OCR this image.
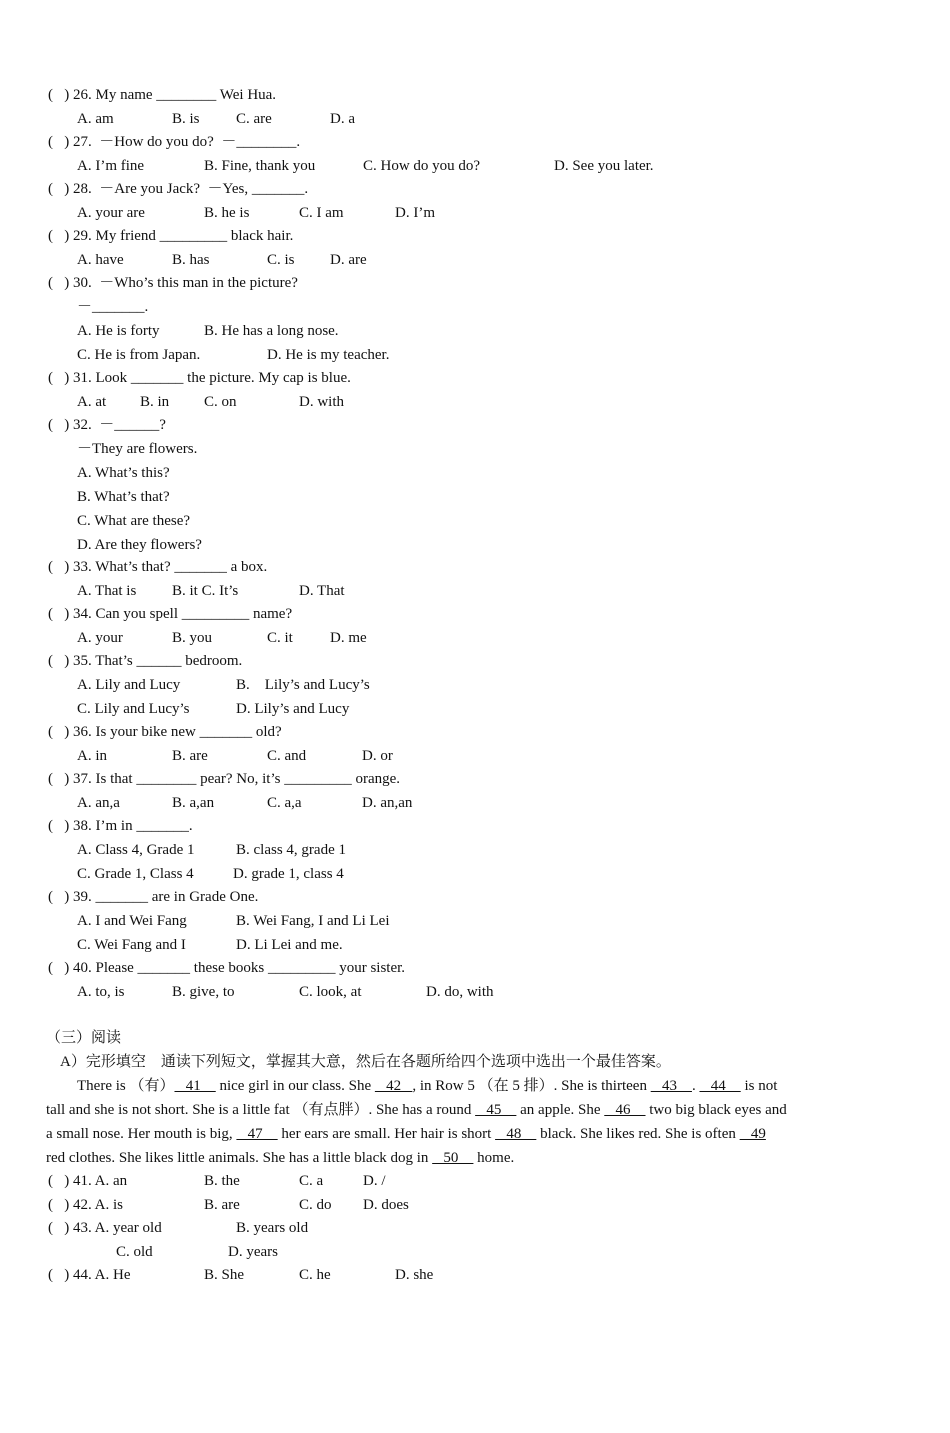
(   ) 26. My name ________ Wei Hua.
A. am	B. is C. are	D. a
(   ) 27.  －How do you do?  －________.
A. I’m fine	B. Fine, thank you	C. How do you do?	D. See you later.
(   ) 28.  －Are you Jack?  －Yes, _______.
A. your are	B. he is	C. I am	D. I’m
(   ) 29. My friend _________ black hair.
A. have	B. has	C. is D. are
(   ) 30.  －Who’s this man in the picture?
－_______.
A. He is forty	B. He has a long nose.
C. He is from Japan.	D. He is my teacher.
(   ) 31. Look _______ the picture. My cap is blue.
A. at B. in C. on	D. with
(   ) 32.  －______?
－They are flowers.
A. What’s this?
B. What’s that?
C. What are these?
D. Are they flowers?
(   ) 33. What’s that? _______ a box.
A. That is B. it C. It’s	D. That
(   ) 34. Can you spell _________ name?
A. your	B. you	C. it D. me
(   ) 35. That’s ______ bedroom.
A. Lily and Lucy	B.    Lily’s and Lucy’s
C. Lily and Lucy’s	D. Lily’s and Lucy
(   ) 36. Is your bike new _______ old?
A. in	B. are	C. and	D. or
(   ) 37. Is that ________ pear? No, it’s _________ orange.
A. an,a	B. a,an	C. a,a	D. an,an
(   ) 38. I’m in _______.
A. Class 4, Grade 1	B. class 4, grade 1
C. Grade 1, Class 4	D. grade 1, class 4
(   ) 39. _______ are in Grade One.
A. I and Wei Fang	B. Wei Fang, I and Li Lei
C. Wei Fang and I	D. Li Lei and me.
(   ) 40. Please _______ these books _________ your sister.
A. to, is	B. give, to	C. look, at	D. do, with
（三）阅读
A）完形填空    通读下列短文，掌握其大意，然后在各题所给四个选项中选出一个最佳答案。
There is （有）   41     nice girl in our class. She    42   , in Row 5 （在 5 排）. She is thirteen    43    .    44     is not
tall and she is not short. She is a little fat （有点胖）. She has a round    45     an apple. She    46     two big black eyes and
a small nose. Her mouth is big,    47     her ears are small. Her hair is short    48     black. She likes red. She is often    49
red clothes. She likes little animals. She has a little black dog in    50     home.
(   ) 41. A. an	B. the	C. a	D. /
(   ) 42. A. is	B. are	C. do D. does
(   ) 43. A. year old	B. years old
C. old	D. years
(   ) 44. A. He	B. She	C. he	D. she
